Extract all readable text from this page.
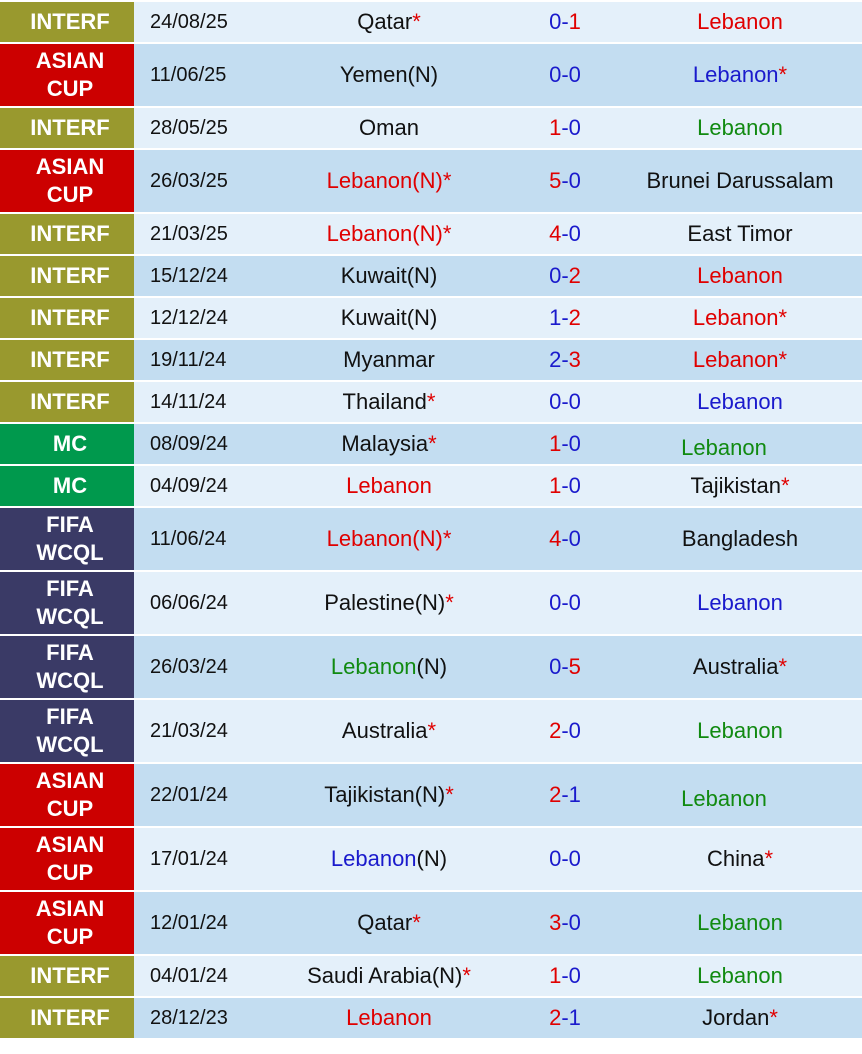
INTERF	24/08/25	Qatar*	0-1	Lebanon
ASIAN CUP	11/06/25	Yemen(N)	0-0	Lebanon*
INTERF	28/05/25	Oman	1-0	Lebanon
ASIAN CUP	26/03/25	Lebanon(N)*	5-0	Brunei Darussalam
INTERF	21/03/25	Lebanon(N)*	4-0	East Timor
INTERF	15/12/24	Kuwait(N)	0-2	Lebanon
INTERF	12/12/24	Kuwait(N)	1-2	Lebanon*
INTERF	19/11/24	Myanmar	2-3	Lebanon*
INTERF	14/11/24	Thailand*	0-0	Lebanon
MC	08/09/24	Malaysia*	1-0	Lebanon
MC	04/09/24	Lebanon	1-0	Tajikistan*
FIFA WCQL	11/06/24	Lebanon(N)*	4-0	Bangladesh
FIFA WCQL	06/06/24	Palestine(N)*	0-0	Lebanon
FIFA WCQL	26/03/24	Lebanon(N)	0-5	Australia*
FIFA WCQL	21/03/24	Australia*	2-0	Lebanon
ASIAN CUP	22/01/24	Tajikistan(N)*	2-1	Lebanon
ASIAN CUP	17/01/24	Lebanon(N)	0-0	China*
ASIAN CUP	12/01/24	Qatar*	3-0	Lebanon
INTERF	04/01/24	Saudi Arabia(N)*	1-0	Lebanon
INTERF	28/12/23	Lebanon	2-1	Jordan*
